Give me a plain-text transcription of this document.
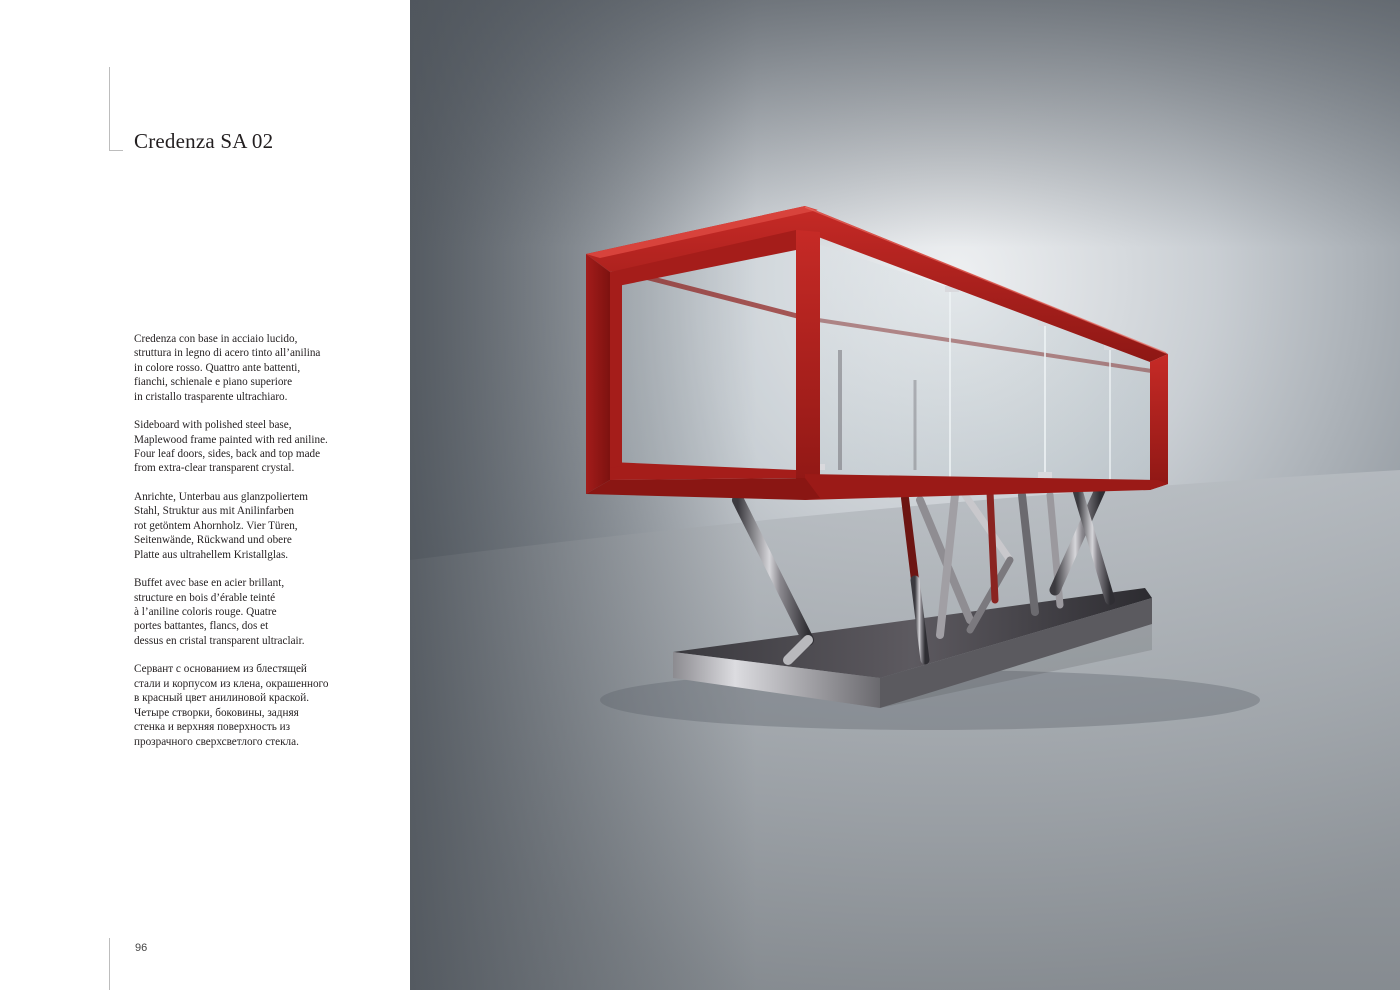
Credenza SA 02

Credenza con base in acciaio lucido,
struttura in legno di acero tinto all’anilina
in colore rosso. Quattro ante battenti,
fianchi, schienale e piano superiore
in cristallo trasparente ultrachiaro.

Sideboard with polished steel base,
Maplewood frame painted with red aniline.
Four leaf doors, sides, back and top made
from extra-clear transparent crystal.

Anrichte, Unterbau aus glanzpoliertem
Stahl, Struktur aus mit Anilinfarben
rot getöntem Ahornholz. Vier Türen,
Seitenwände, Rückwand und obere
Platte aus ultrahellem Kristallglas.

Buffet avec base en acier brillant,
structure en bois d’érable teinté
à l’aniline coloris rouge. Quatre
portes battantes, flancs, dos et
dessus en cristal transparent ultraclair.

Сервант с основанием из блестящей
стали и корпусом из клена, окрашенного
в красный цвет анилиновой краской.
Четыре створки, боковины, задняя
стенка и верхняя поверхность из
прозрачного сверхсветлого стекла.

96
